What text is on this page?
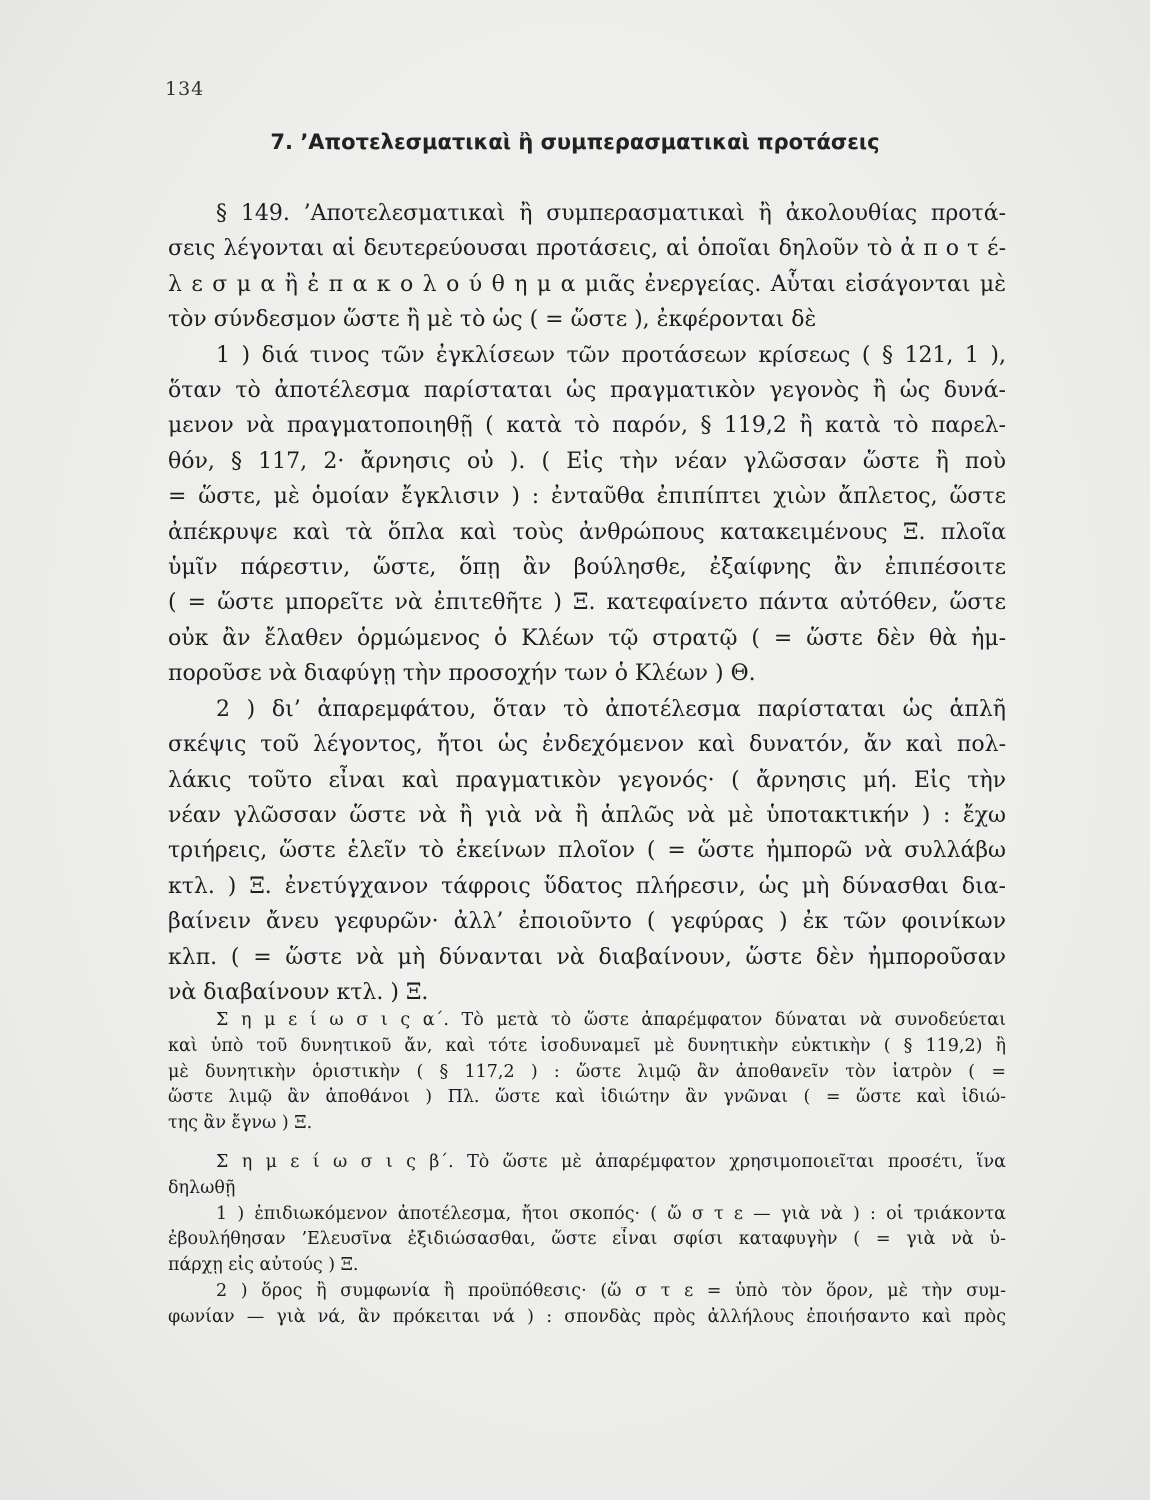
134
7. ’Αποτελεσματικαὶ ἢ συμπερασματικαὶ προτάσεις
§ 149. ’Αποτελεσματικαὶ ἢ συμπερασματικαὶ ἢ ἀκολουθίας προτά-
σεις λέγονται αἱ δευτερεύουσαι προτάσεις, αἱ ὁποῖαι δηλοῦν τὸ ἀ π ο τ έ-
λ ε σ μ α ἢ ἐ π α κ ο λ ο ύ θ η μ α μιᾶς ἐνεργείας. Αὗται εἰσάγονται μὲ
τὸν σύνδεσμον ὥστε ἢ μὲ τὸ ὡς ( = ὥστε ), ἐκφέρονται δὲ
1 ) διά τινος τῶν ἐγκλίσεων τῶν προτάσεων κρίσεως ( § 121, 1 ),
ὅταν τὸ ἀποτέλεσμα παρίσταται ὡς πραγματικὸν γεγονὸς ἢ ὡς δυνά-
μενον νὰ πραγματοποιηθῇ ( κατὰ τὸ παρόν, § 119,2 ἢ κατὰ τὸ παρελ-
θόν, § 117, 2· ἄρνησις οὐ ). ( Εἰς τὴν νέαν γλῶσσαν ὥστε ἢ ποὺ
= ὥστε, μὲ ὁμοίαν ἔγκλισιν ) : ἐνταῦθα ἐπιπίπτει χιὼν ἄπλετος, ὥστε
ἀπέκρυψε καὶ τὰ ὅπλα καὶ τοὺς ἀνθρώπους κατακειμένους Ξ. πλοῖα
ὑμῖν πάρεστιν, ὥστε, ὅπῃ ἂν βούλησθε, ἐξαίφνης ἂν ἐπιπέσοιτε
( = ὥστε μπορεῖτε νὰ ἐπιτεθῆτε ) Ξ. κατεφαίνετο πάντα αὐτόθεν, ὥστε
οὐκ ἂν ἔλαθεν ὁρμώμενος ὁ Κλέων τῷ στρατῷ ( = ὥστε δὲν θὰ ἠμ-
ποροῦσε νὰ διαφύγῃ τὴν προσοχήν των ὁ Κλέων ) Θ.
2 ) δι’ ἀπαρεμφάτου, ὅταν τὸ ἀποτέλεσμα παρίσταται ὡς ἁπλῆ
σκέψις τοῦ λέγοντος, ἤτοι ὡς ἐνδεχόμενον καὶ δυνατόν, ἄν καὶ πολ-
λάκις τοῦτο εἶναι καὶ πραγματικὸν γεγονός· ( ἄρνησις μή. Εἰς τὴν
νέαν γλῶσσαν ὥστε νὰ ἢ γιὰ νὰ ἢ ἁπλῶς νὰ μὲ ὑποτακτικήν ) : ἔχω
τριήρεις, ὥστε ἑλεῖν τὸ ἐκείνων πλοῖον ( = ὥστε ἠμπορῶ νὰ συλλάβω
κτλ. ) Ξ. ἐνετύγχανον τάφροις ὕδατος πλήρεσιν, ὡς μὴ δύνασθαι δια-
βαίνειν ἄνευ γεφυρῶν· ἀλλ’ ἐποιοῦντο ( γεφύρας ) ἐκ τῶν φοινίκων
κλπ. ( = ὥστε νὰ μὴ δύνανται νὰ διαβαίνουν, ὥστε δὲν ἠμποροῦσαν
νὰ διαβαίνουν κτλ. ) Ξ.
Σ η μ ε ί ω σ ι ς α΄. Τὸ μετὰ τὸ ὥστε ἀπαρέμφατον δύναται νὰ συνοδεύεται
καὶ ὑπὸ τοῦ δυνητικοῦ ἄν, καὶ τότε ἰσοδυναμεῖ μὲ δυνητικὴν εὐκτικὴν ( § 119,2) ἢ
μὲ δυνητικὴν ὁριστικὴν ( § 117,2 ) : ὥστε λιμῷ ἂν ἀποθανεῖν τὸν ἰατρὸν ( =
ὥστε λιμῷ ἂν ἀποθάνοι ) Πλ. ὥστε καὶ ἰδιώτην ἂν γνῶναι ( = ὥστε καὶ ἰδιώ-
της ἂν ἔγνω ) Ξ.
Σ η μ ε ί ω σ ι ς β΄. Τὸ ὥστε μὲ ἀπαρέμφατον χρησιμοποιεῖται προσέτι, ἵνα
δηλωθῇ
1 ) ἐπιδιωκόμενον ἀποτέλεσμα, ἤτοι σκοπός· ( ὥ σ τ ε — γιὰ νὰ ) : οἱ τριάκοντα
ἐβουλήθησαν ’Ελευσῖνα ἐξιδιώσασθαι, ὥστε εἶναι σφίσι καταφυγὴν ( = γιὰ νὰ ὑ-
πάρχῃ εἰς αὐτούς ) Ξ.
2 ) ὅρος ἢ συμφωνία ἢ προϋπόθεσις· (ὥ σ τ ε = ὑπὸ τὸν ὅρον, μὲ τὴν συμ-
φωνίαν — γιὰ νά, ἂν πρόκειται νά ) : σπονδὰς πρὸς ἀλλήλους ἐποιήσαντο καὶ πρὸς
